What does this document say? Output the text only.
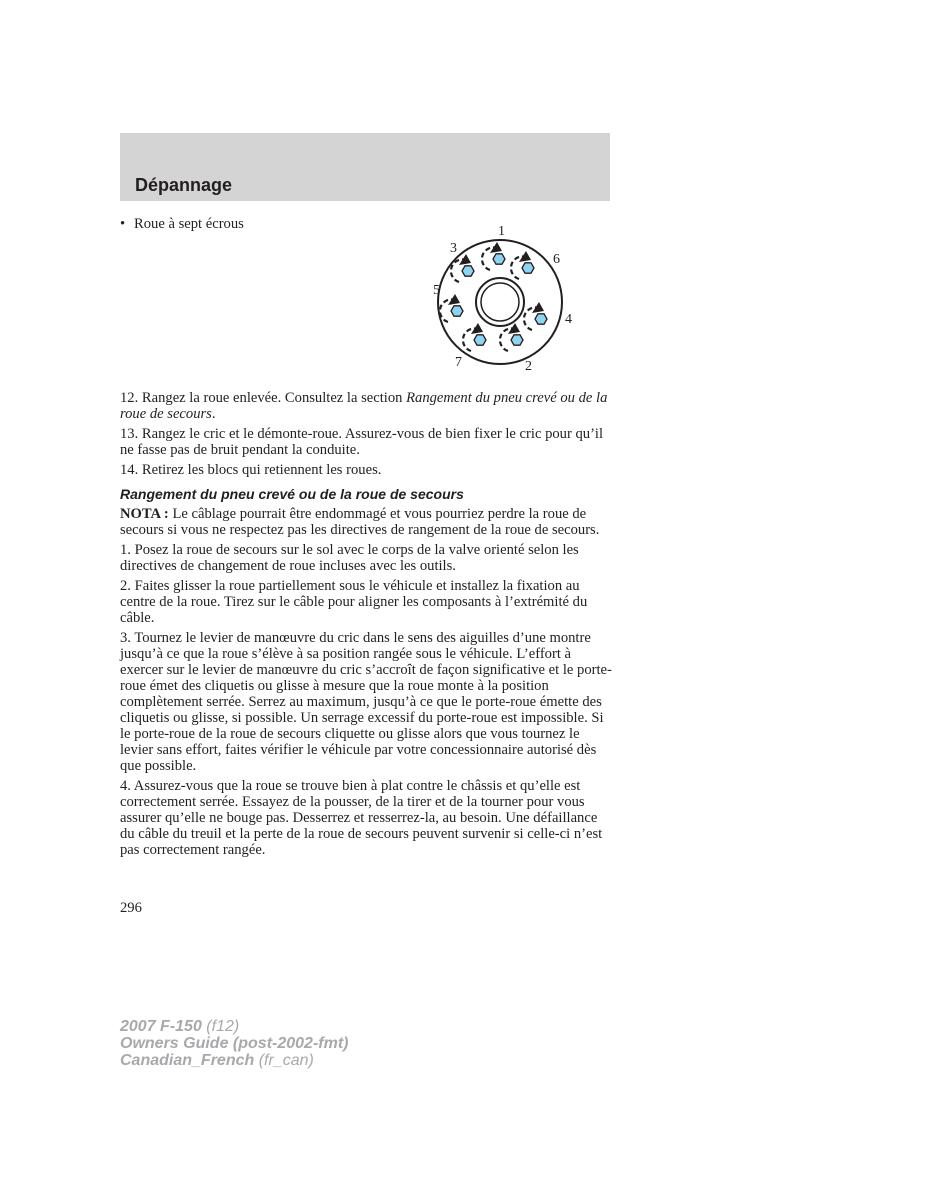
Dépannage
• Roue à sept écrous	1
2
3
4
5
6
7

12. Rangez la roue enlevée. Consultez la section Rangement du pneu crevé ou de la roue de secours.

13. Rangez le cric et le démonte-roue. Assurez-vous de bien fixer le cric pour qu’il ne fasse pas de bruit pendant la conduite.

14. Retirez les blocs qui retiennent les roues.

Rangement du pneu crevé ou de la roue de secours

NOTA : Le câblage pourrait être endommagé et vous pourriez perdre la roue de secours si vous ne respectez pas les directives de rangement de la roue de secours.

1. Posez la roue de secours sur le sol avec le corps de la valve orienté selon les directives de changement de roue incluses avec les outils.

2. Faites glisser la roue partiellement sous le véhicule et installez la fixation au centre de la roue. Tirez sur le câble pour aligner les composants à l’extrémité du câble.

3. Tournez le levier de manœuvre du cric dans le sens des aiguilles d’une montre jusqu’à ce que la roue s’élève à sa position rangée sous le véhicule. L’effort à exercer sur le levier de manœuvre du cric s’accroît de façon significative et le porte-roue émet des cliquetis ou glisse à mesure que la roue monte à la position complètement serrée. Serrez au maximum, jusqu’à ce que le porte-roue émette des cliquetis ou glisse, si possible. Un serrage excessif du porte-roue est impossible. Si le porte-roue de la roue de secours cliquette ou glisse alors que vous tournez le levier sans effort, faites vérifier le véhicule par votre concessionnaire autorisé dès que possible.

4. Assurez-vous que la roue se trouve bien à plat contre le châssis et qu’elle est correctement serrée. Essayez de la pousser, de la tirer et de la tourner pour vous assurer qu’elle ne bouge pas. Desserrez et resserrez-la, au besoin. Une défaillance du câble du treuil et la perte de la roue de secours peuvent survenir si celle-ci n’est pas correctement rangée.

296
2007 F-150 (f12)
Owners Guide (post-2002-fmt)
Canadian_French (fr_can)
